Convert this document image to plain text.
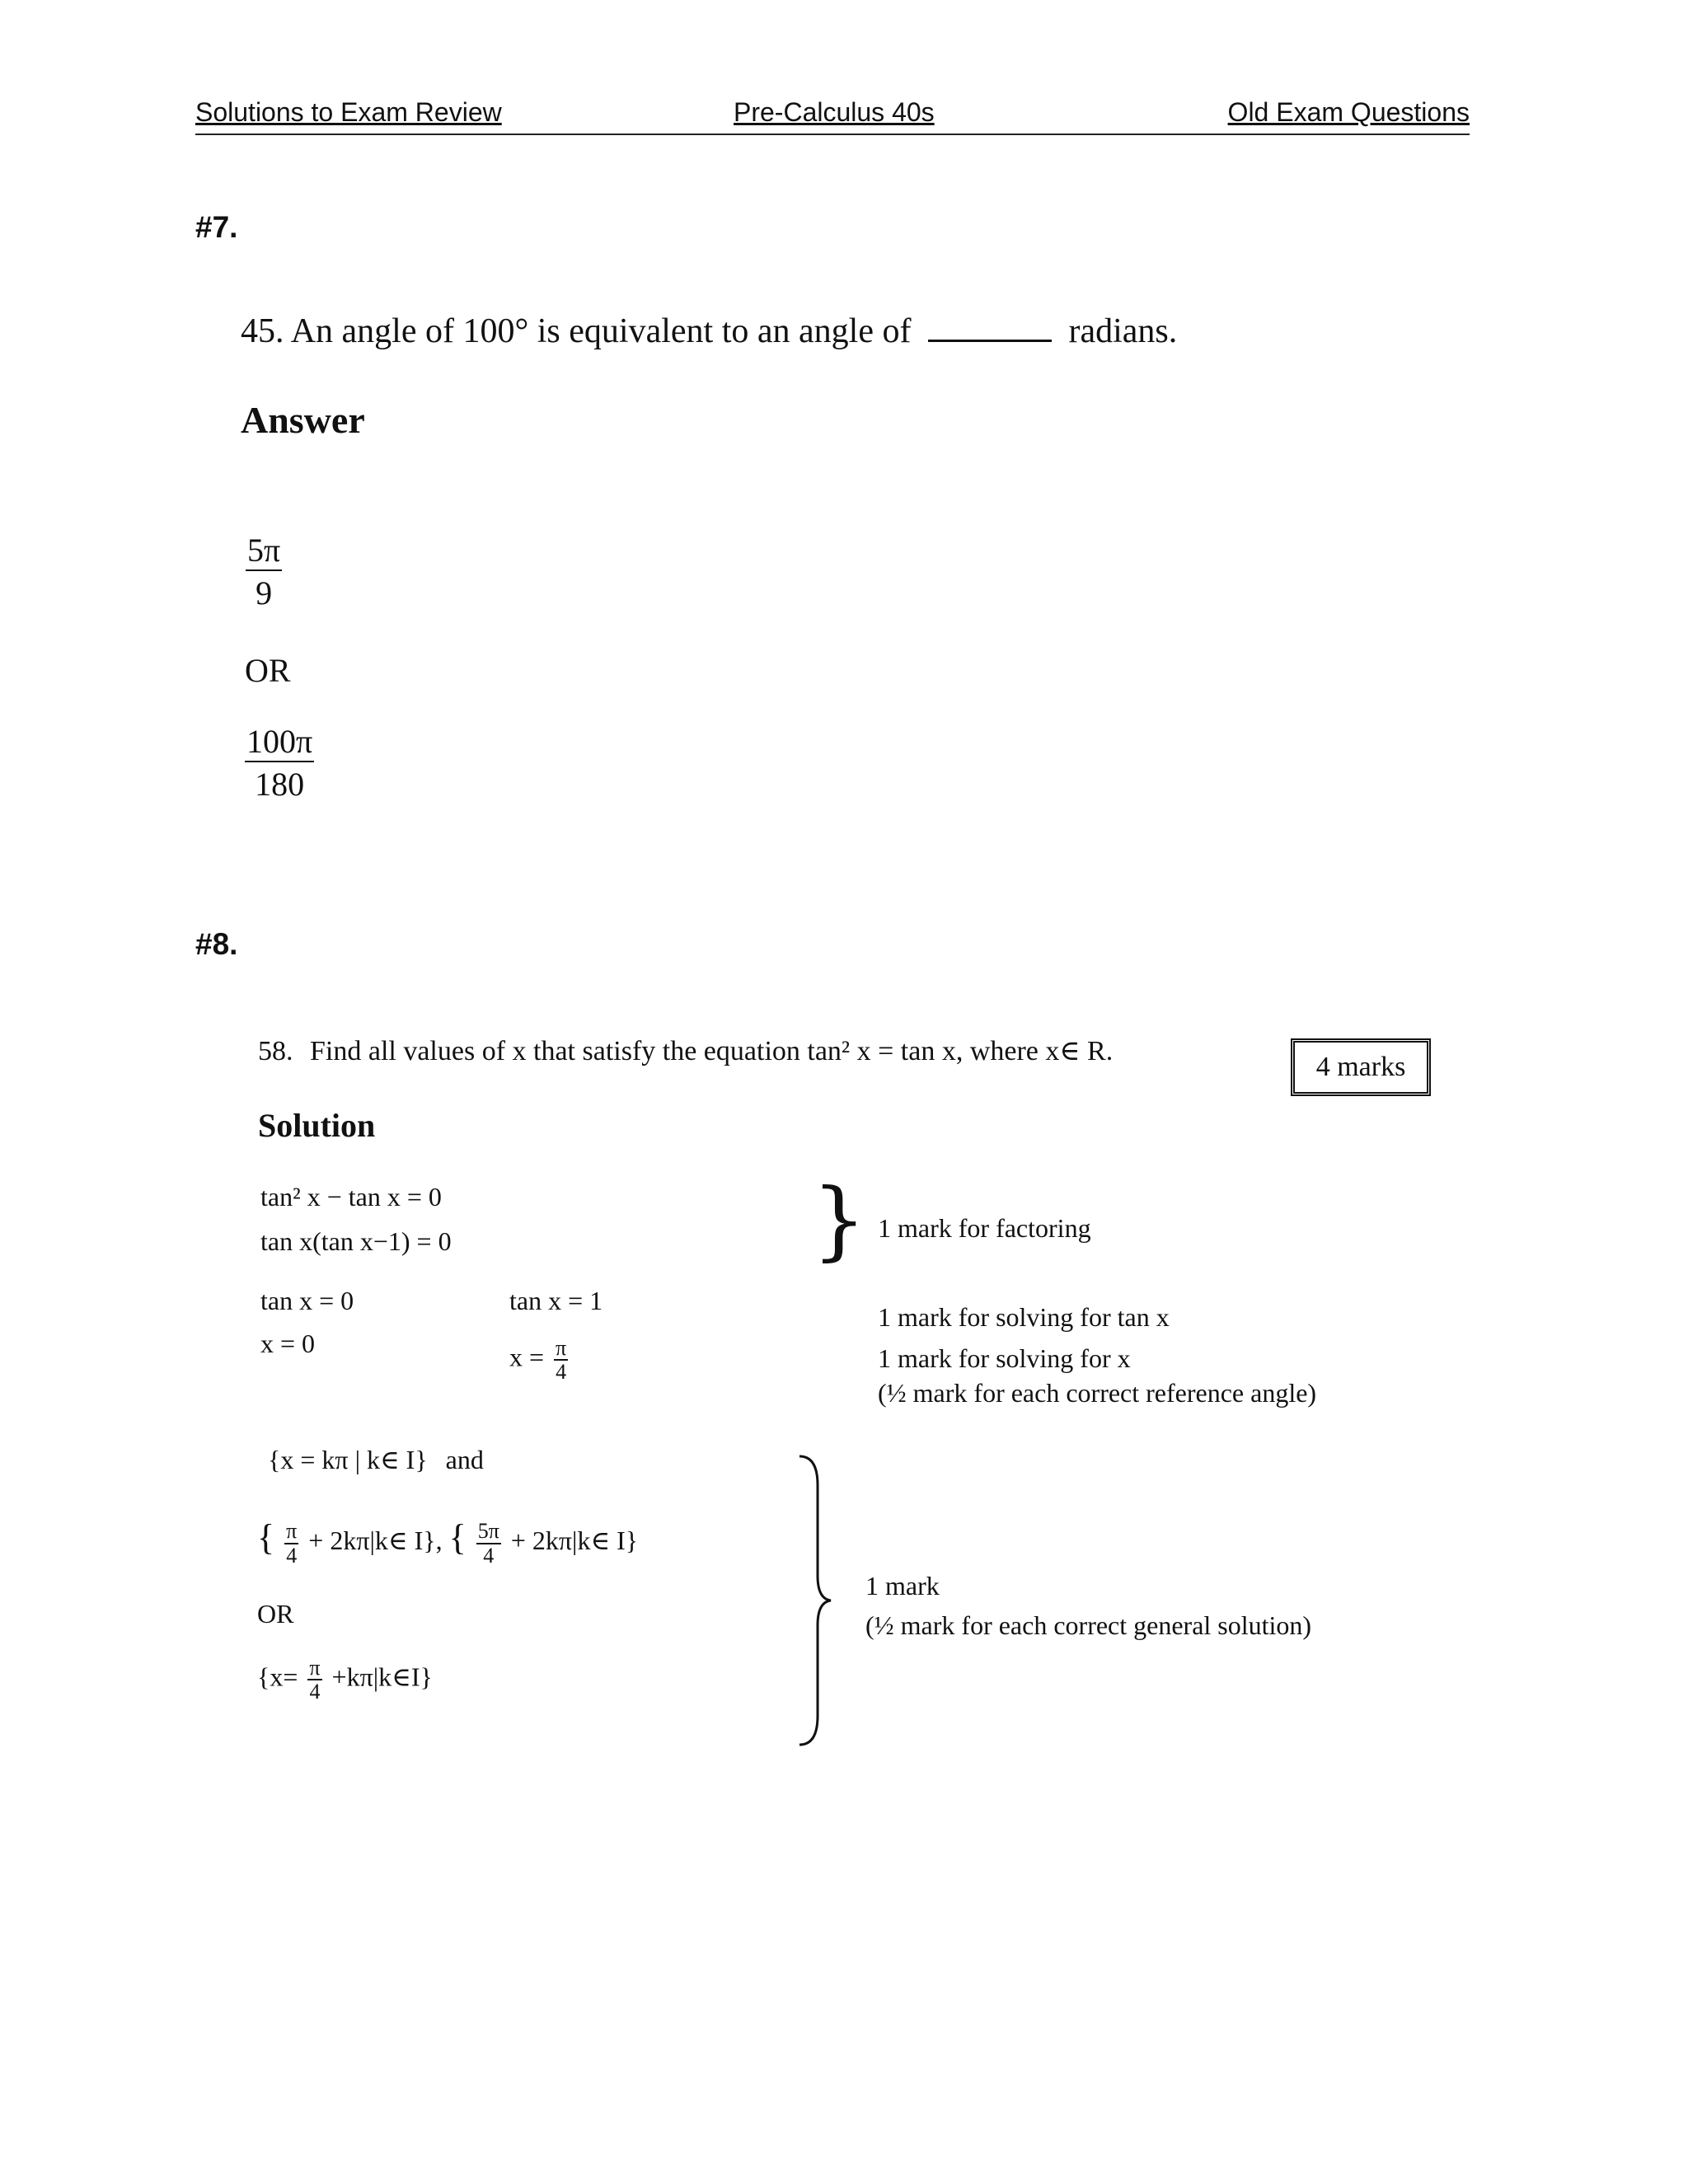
Solutions to Exam Review	Pre-Calculus 40s	Old Exam Questions
#7.
45. An angle of 100° is equivalent to an angle of	radians.
Answer
$\frac{5\pi}{9}$
OR
$\frac{100\pi}{180}$
#8.
58. Find all values of x that satisfy the equation tan² x = tan x, where x∈ R.
4 marks
Solution
tan² x − tan x = 0
tan x(tan x−1) = 0	} 1 mark for factoring
tan x = 0
x = 0
tan x = 1
$x = \frac{\pi}{4}$
1 mark for solving for tan x
1 mark for solving for x
(½ mark for each correct reference angle)
{x = kπ | k∈ I} and
{ $\frac{\pi}{4}$ + 2kπ|k∈ I}, { $\frac{5\pi}{4}$ + 2kπ|k∈ I}
OR
{$x= \frac{\pi}{4}$ +kπ|k∈I}
1 mark
(½ mark for each correct general solution)
